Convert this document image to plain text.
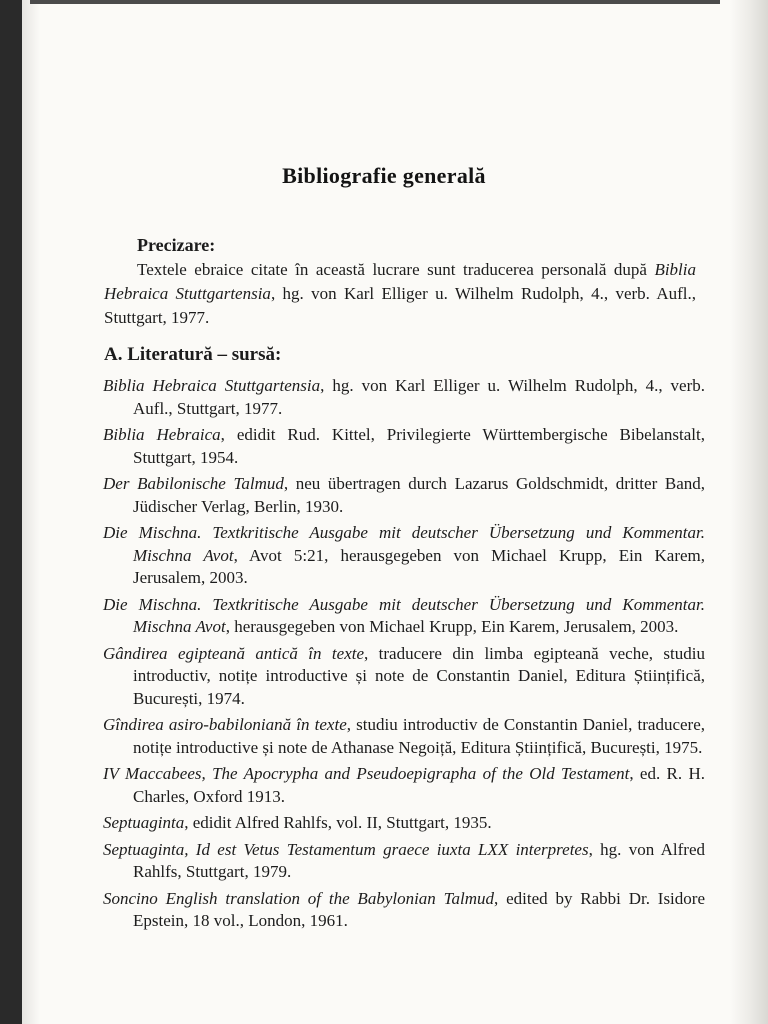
Bibliografie generală
Precizare:
Textele ebraice citate în această lucrare sunt traducerea personală după Biblia Hebraica Stuttgartensia, hg. von Karl Elliger u. Wilhelm Rudolph, 4., verb. Aufl., Stuttgart, 1977.
A. Literatură – sursă:
Biblia Hebraica Stuttgartensia, hg. von Karl Elliger u. Wilhelm Rudolph, 4., verb. Aufl., Stuttgart, 1977.
Biblia Hebraica, edidit Rud. Kittel, Privilegierte Württembergische Bibelanstalt, Stuttgart, 1954.
Der Babilonische Talmud, neu übertragen durch Lazarus Goldschmidt, dritter Band, Jüdischer Verlag, Berlin, 1930.
Die Mischna. Textkritische Ausgabe mit deutscher Übersetzung und Kommentar. Mischna Avot, Avot 5:21, herausgegeben von Michael Krupp, Ein Karem, Jerusalem, 2003.
Die Mischna. Textkritische Ausgabe mit deutscher Übersetzung und Kommentar. Mischna Avot, herausgegeben von Michael Krupp, Ein Karem, Jerusalem, 2003.
Gândirea egipteană antică în texte, traducere din limba egipteană veche, studiu introductiv, notițe introductive și note de Constantin Daniel, Editura Științifică, București, 1974.
Gîndirea asiro-babiloniană în texte, studiu introductiv de Constantin Daniel, traducere, notițe introductive și note de Athanase Negoiță, Editura Științifică, București, 1975.
IV Maccabees, The Apocrypha and Pseudoepigrapha of the Old Testament, ed. R. H. Charles, Oxford 1913.
Septuaginta, edidit Alfred Rahlfs, vol. II, Stuttgart, 1935.
Septuaginta, Id est Vetus Testamentum graece iuxta LXX interpretes, hg. von Alfred Rahlfs, Stuttgart, 1979.
Soncino English translation of the Babylonian Talmud, edited by Rabbi Dr. Isidore Epstein, 18 vol., London, 1961.
